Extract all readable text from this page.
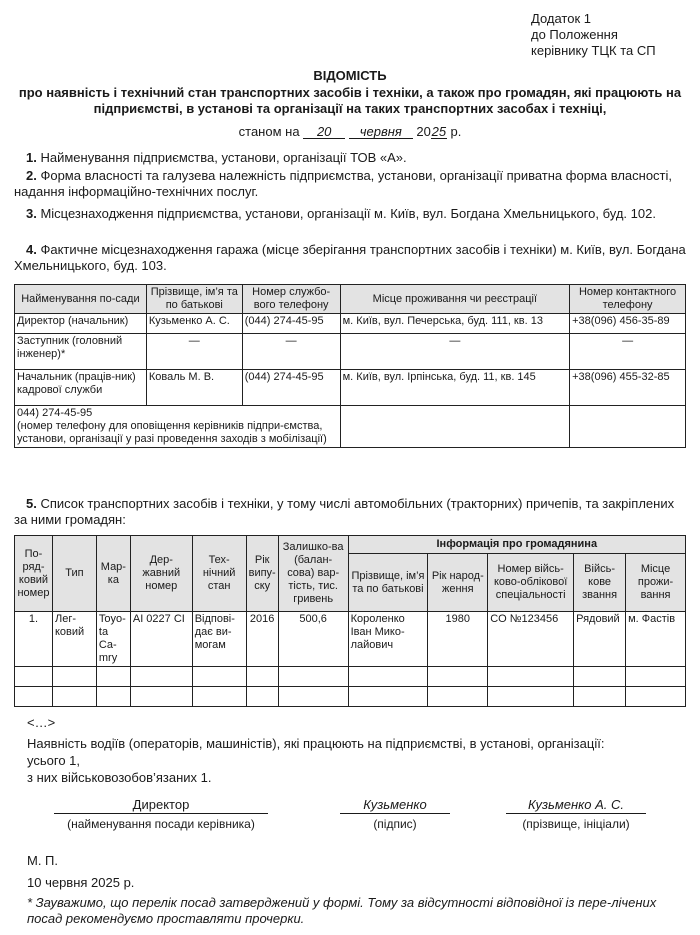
Додаток 1
до Положення
керівнику ТЦК та СП
ВІДОМІСТЬ
про наявність і технічний стан транспортних засобів і техніки, а також про громадян, які працюють на підприємстві, в установі та організації на таких транспортних засобах і техніці,
станом на 20 червня 2025 р.
1. Найменування підприємства, установи, організації ТОВ «А».
2. Форма власності та галузева належність підприємства, установи, організації приватна форма власності, надання інформаційно-технічних послуг.
3. Місцезнаходження підприємства, установи, організації м. Київ, вул. Богдана Хмельницького, буд. 102.
4. Фактичне місцезнаходження гаража (місце зберігання транспортних засобів і техніки) м. Київ, вул. Богдана Хмельницького, буд. 103.
Найменування по-сади	Прізвище, ім’я та по батькові	Номер службо-вого телефону	Місце проживання чи реєстрації	Номер контактного телефону
Директор (начальник)	Кузьменко А. С.	(044) 274-45-95	м. Київ, вул. Печерська, буд. 111, кв. 13	+38(096) 456-35-89
Заступник (головний інженер)*	—	—	—	—
Начальник (праців-ник) кадрової служби	Коваль М. В.	(044) 274-45-95	м. Київ, вул. Ірпінська, буд. 11, кв. 145	+38(096) 455-32-85

044) 274-45-95
(номер телефону для оповіщення керівників підпри-ємства, установи, організації у разі проведення заходів з мобілізації)				

5. Список транспортних засобів і техніки, у тому числі автомобільних (тракторних) причепів, та закріплених за ними громадян:
По-ряд-ковий номер	Тип	Мар-ка	Дер-жавний номер	Тех-нічний стан	Рік випу-ску	Залишко-ва (балан-сова) вар-тість, тис. гривень	Інформація про громадянина				
							Прізвище, ім’я та по батькові	Рік народ-ження	Номер війсь-ково-облікової спеціальності	Війсь-кове звання	Місце прожи-вання
1.	Лег-ковий	Toyo-ta Ca-mry	AI 0227 CI	Відпові-дає ви-могам	2016	500,6	Короленко Іван Мико-лайович	1980	CO №123456	Рядовий	м. Фастів

<…>
Наявність водіїв (операторів, машиністів), які працюють на підприємстві, в установі, організації:
усього 1,
з них військовозобов’язаних 1.
Директор
(найменування посади керівника)
Кузьменко
(підпис)
Кузьменко А. С.
(прізвище, ініціали)
М. П.
10 червня 2025 р.
* Зауважимо, що перелік посад затверджений у формі. Тому за відсутності відповідної із пере-лічених посад рекомендуємо проставляти прочерки.
